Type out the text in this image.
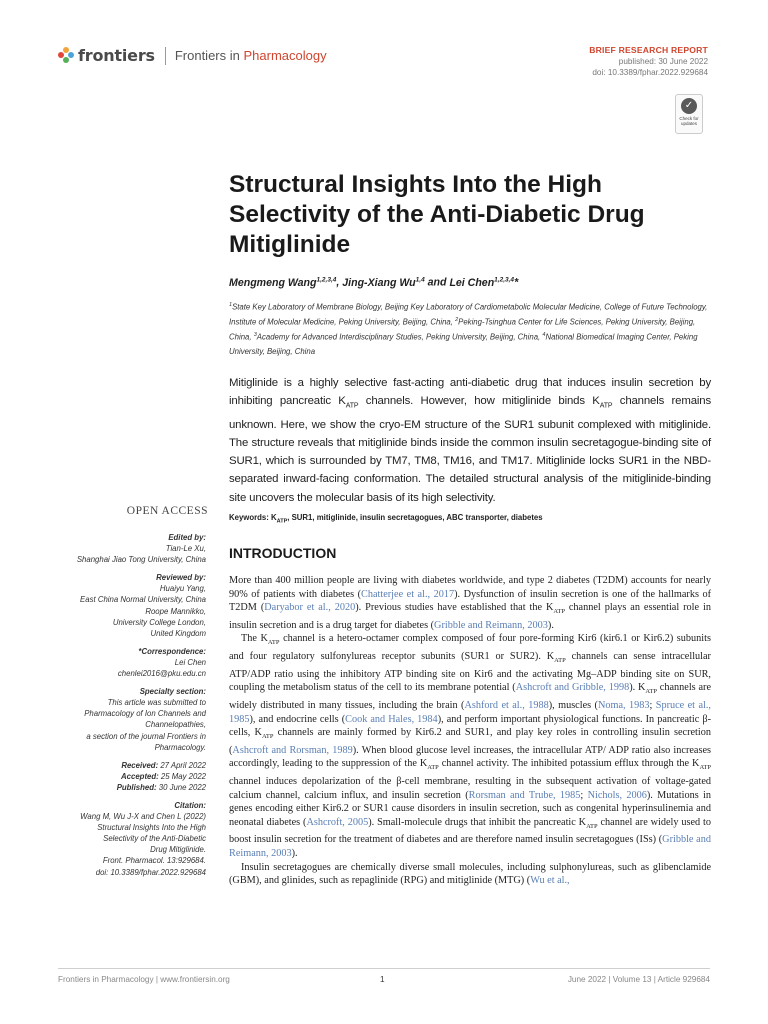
frontiers Frontiers in Pharmacology	BRIEF RESEARCH REPORT
published: 30 June 2022
doi: 10.3389/fphar.2022.929684
✓
Check for updates
Structural Insights Into the High Selectivity of the Anti-Diabetic Drug Mitiglinide
Mengmeng Wang$^{1,2,3,4}$, Jing-Xiang Wu$^{1,4}$ and Lei Chen$^{1,2,3,4}$*
$^1$State Key Laboratory of Membrane Biology, Beijing Key Laboratory of Cardiometabolic Molecular Medicine, College of Future Technology, Institute of Molecular Medicine, Peking University, Beijing, China, $^2$Peking-Tsinghua Center for Life Sciences, Peking University, Beijing, China, $^3$Academy for Advanced Interdisciplinary Studies, Peking University, Beijing, China, $^4$National Biomedical Imaging Center, Peking University, Beijing, China
Mitiglinide is a highly selective fast-acting anti-diabetic drug that induces insulin secretion by inhibiting pancreatic $K_{ATP}$ channels. However, how mitiglinide binds $K_{ATP}$ channels remains unknown. Here, we show the cryo-EM structure of the SUR1 subunit complexed with mitiglinide. The structure reveals that mitiglinide binds inside the common insulin secretagogue-binding site of SUR1, which is surrounded by TM7, TM8, TM16, and TM17. Mitiglinide locks SUR1 in the NBD-separated inward-facing conformation. The detailed structural analysis of the mitiglinide-binding site uncovers the molecular basis of its high selectivity.
Keywords: $K_{ATP}$, SUR1, mitiglinide, insulin secretagogues, ABC transporter, diabetes
OPEN ACCESS
Edited by:
Tian-Le Xu,
Shanghai Jiao Tong University, China
Reviewed by:
Huaiyu Yang,
East China Normal University, China
Roope Mannikko,
University College London,
United Kingdom
*Correspondence:
Lei Chen
chenlei2016@pku.edu.cn
Specialty section:
This article was submitted to
Pharmacology of Ion Channels and
Channelopathies,
a section of the journal Frontiers in
Pharmacology.
Received: 27 April 2022
Accepted: 25 May 2022
Published: 30 June 2022
Citation:
Wang M, Wu J-X and Chen L (2022)
Structural Insights Into the High
Selectivity of the Anti-Diabetic
Drug Mitiglinide.
Front. Pharmacol. 13:929684.
doi: 10.3389/fphar.2022.929684
INTRODUCTION

More than 400 million people are living with diabetes worldwide, and type 2 diabetes (T2DM) accounts for nearly 90% of patients with diabetes (Chatterjee et al., 2017). Dysfunction of insulin secretion is one of the hallmarks of T2DM (Daryabor et al., 2020). Previous studies have established that the $K_{ATP}$ channel plays an essential role in insulin secretion and is a drug target for diabetes (Gribble and Reimann, 2003).

The $K_{ATP}$ channel is a hetero-octamer complex composed of four pore-forming Kir6 (kir6.1 or Kir6.2) subunits and four regulatory sulfonylureas receptor subunits (SUR1 or SUR2). $K_{ATP}$ channels can sense intracellular ATP/ADP ratio using the inhibitory ATP binding site on Kir6 and the activating Mg–ADP binding site on SUR, coupling the metabolism status of the cell to its membrane potential (Ashcroft and Gribble, 1998). $K_{ATP}$ channels are widely distributed in many tissues, including the brain (Ashford et al., 1988), muscles (Noma, 1983; Spruce et al., 1985), and endocrine cells (Cook and Hales, 1984), and perform important physiological functions. In pancreatic β-cells, $K_{ATP}$ channels are mainly formed by Kir6.2 and SUR1, and play key roles in controlling insulin secretion (Ashcroft and Rorsman, 1989). When blood glucose level increases, the intracellular ATP/ ADP ratio also increases accordingly, leading to the suppression of the $K_{ATP}$ channel activity. The inhibited potassium efflux through the $K_{ATP}$ channel induces depolarization of the β-cell membrane, resulting in the subsequent activation of voltage-gated calcium channel, calcium influx, and insulin secretion (Rorsman and Trube, 1985; Nichols, 2006). Mutations in genes encoding either Kir6.2 or SUR1 cause disorders in insulin secretion, such as congenital hyperinsulinemia and neonatal diabetes (Ashcroft, 2005). Small-molecule drugs that inhibit the pancreatic $K_{ATP}$ channel are widely used to boost insulin secretion for the treatment of diabetes and are therefore named insulin secretagogues (ISs) (Gribble and Reimann, 2003).

Insulin secretagogues are chemically diverse small molecules, including sulphonylureas, such as glibenclamide (GBM), and glinides, such as repaglinide (RPG) and mitiglinide (MTG) (Wu et al.,

Frontiers in Pharmacology | www.frontiersin.org	1	June 2022 | Volume 13 | Article 929684
